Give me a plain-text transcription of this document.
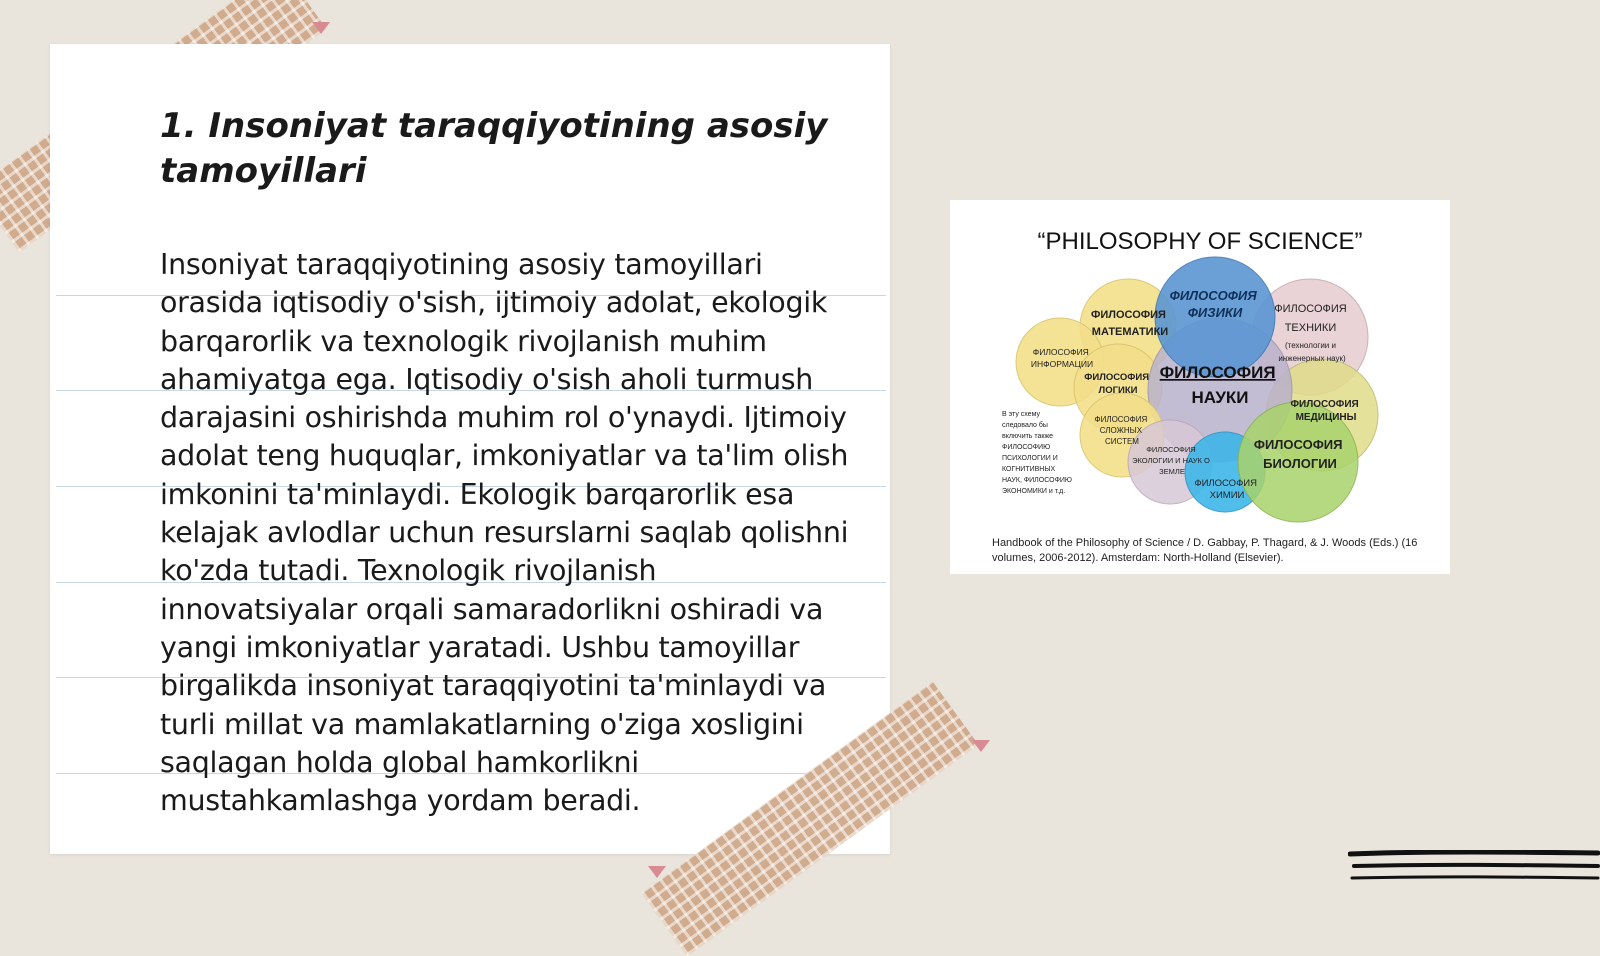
1. Insoniyat taraqqiyotining asosiy tamoyillari

Insoniyat taraqqiyotining asosiy tamoyillari orasida iqtisodiy o'sish, ijtimoiy adolat, ekologik barqarorlik va texnologik rivojlanish muhim ahamiyatga ega. Iqtisodiy o'sish aholi turmush darajasini oshirishda muhim rol o'ynaydi. Ijtimoiy adolat teng huquqlar, imkoniyatlar va ta'lim olish imkonini ta'minlaydi. Ekologik barqarorlik esa kelajak avlodlar uchun resurslarni saqlab qolishni ko'zda tutadi. Texnologik rivojlanish innovatsiyalar orqali samaradorlikni oshiradi va yangi imkoniyatlar yaratadi. Ushbu tamoyillar birgalikda insoniyat taraqqiyotini ta'minlaydi va turli millat va mamlakatlarning o'ziga xosligini saqlagan holda global hamkorlikni mustahkamlashga yordam beradi.

“PHILOSOPHY OF SCIENCE”
ФИЛОСОФИЯ ФИЗИКИ
ФИЛОСОФИЯ МАТЕМАТИКИ
ФИЛОСОФИЯ ТЕХНИКИ (технологии и инженерных наук)
ФИЛОСОФИЯ ИНФОРМАЦИИ
ФИЛОСОФИЯ ЛОГИКИ
ФИЛОСОФИЯ НАУКИ	ФИЛОСОФИЯ МЕДИЦИНЫ
ФИЛОСОФИЯ СЛОЖНЫХ СИСТЕМ
ФИЛОСОФИЯ ЭКОЛОГИИ И НАУК О ЗЕМЛЕ
ФИЛОСОФИЯ БИОЛОГИИ
ФИЛОСОФИЯ ХИМИИ
В эту схему следовало бы включить также ФИЛОСОФИЮ ПСИХОЛОГИИ И КОГНИТИВНЫХ НАУК, ФИЛОСОФИЮ ЭКОНОМИКИ и т.д.
Handbook of the Philosophy of Science / D. Gabbay, P. Thagard, & J. Woods (Eds.) (16 volumes, 2006-2012). Amsterdam: North-Holland (Elsevier).
